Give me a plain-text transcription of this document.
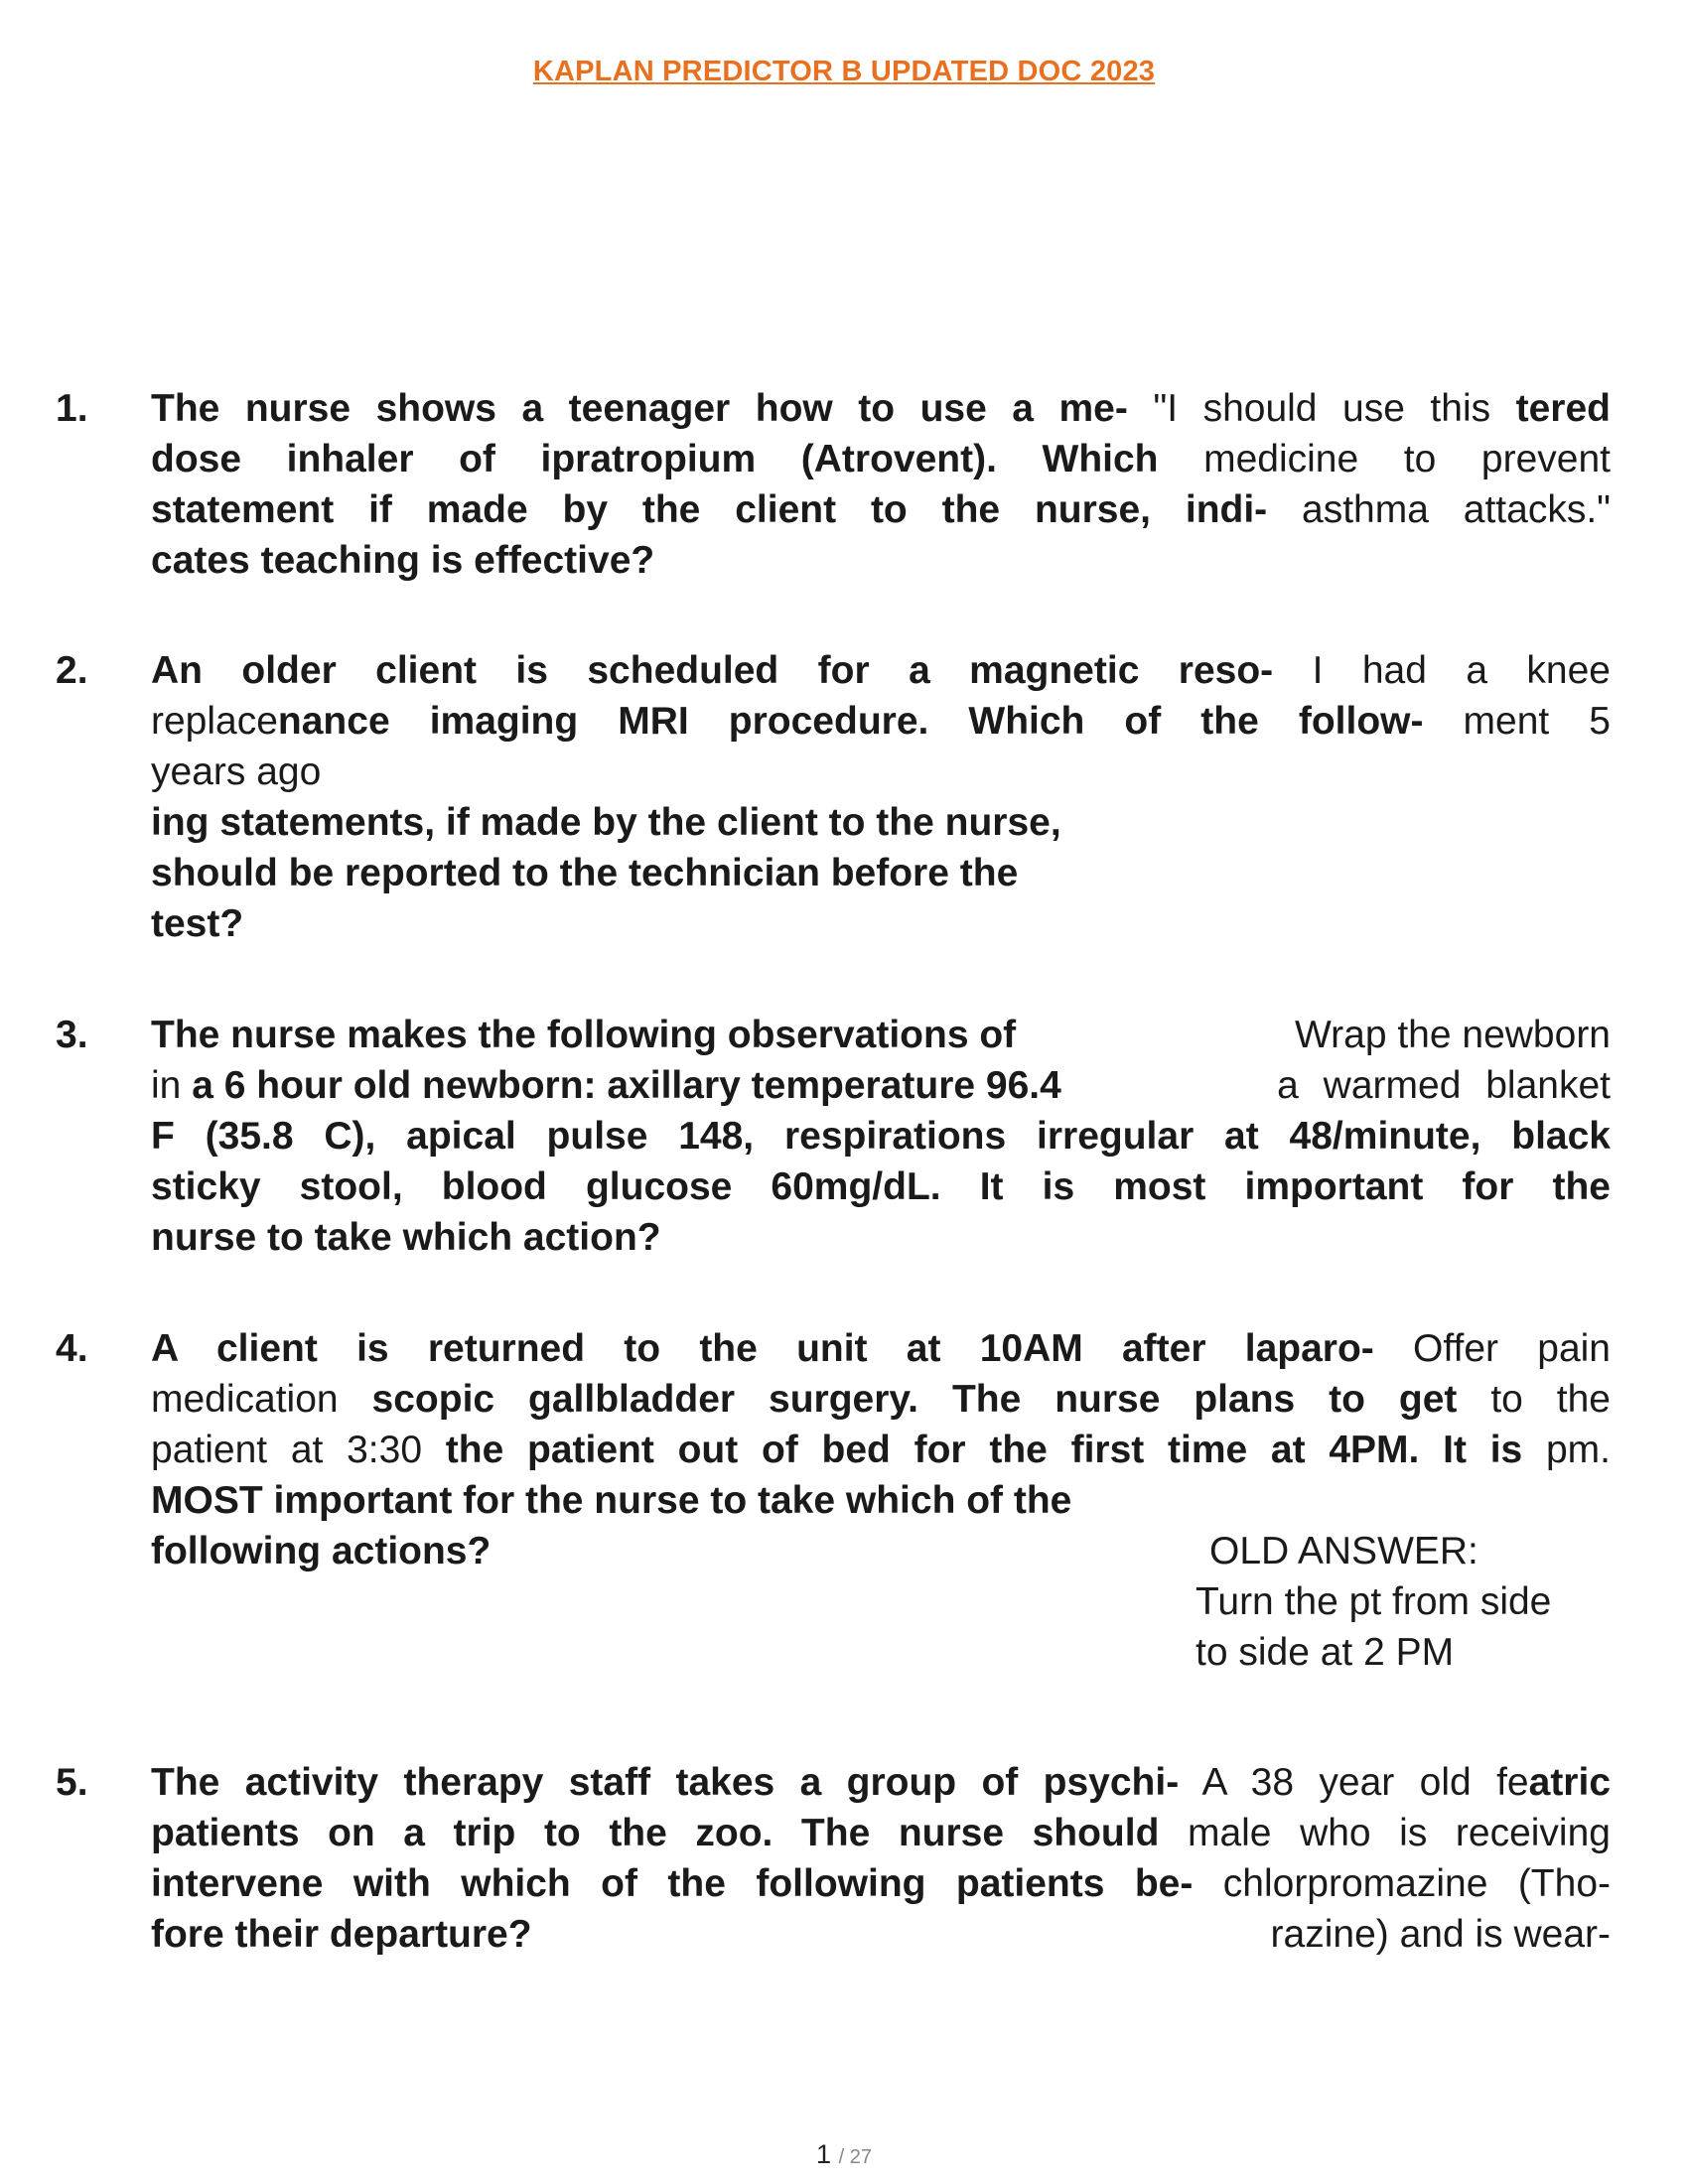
KAPLAN PREDICTOR B UPDATED DOC 2023
1. The nurse shows a teenager how to use a me- "I should use this tered

dose inhaler of ipratropium (Atrovent). Which medicine to prevent

statement if made by the client to the nurse, indi- asthma attacks."

cates teaching is effective?

2. An older client is scheduled for a magnetic reso- I had a knee

replacenance imaging MRI procedure. Which of the follow- ment 5

years ago

ing statements, if made by the client to the nurse,

should be reported to the technician before the

test?

3. The nurse makes the following observations of	Wrap the newborn

in a 6 hour old newborn: axillary temperature 96.4	a warmed blanket

F (35.8 C), apical pulse 148, respirations irregular at 48/minute, black

sticky stool, blood glucose 60mg/dL. It is most important for the

nurse to take which action?

4. A client is returned to the unit at 10AM after laparo- Offer pain

medication scopic gallbladder surgery. The nurse plans to get to the

patient at 3:30 the patient out of bed for the first time at 4PM. It is pm.

MOST important for the nurse to take which of the

following actions?	OLD ANSWER:
Turn the pt from side
to side at 2 PM
5. The activity therapy staff takes a group of psychi- A 38 year old featric

patients on a trip to the zoo. The nurse should male who is receiving

intervene with which of the following patients be- chlorpromazine (Tho-

fore their departure?	razine) and is wear-

1 / 27
